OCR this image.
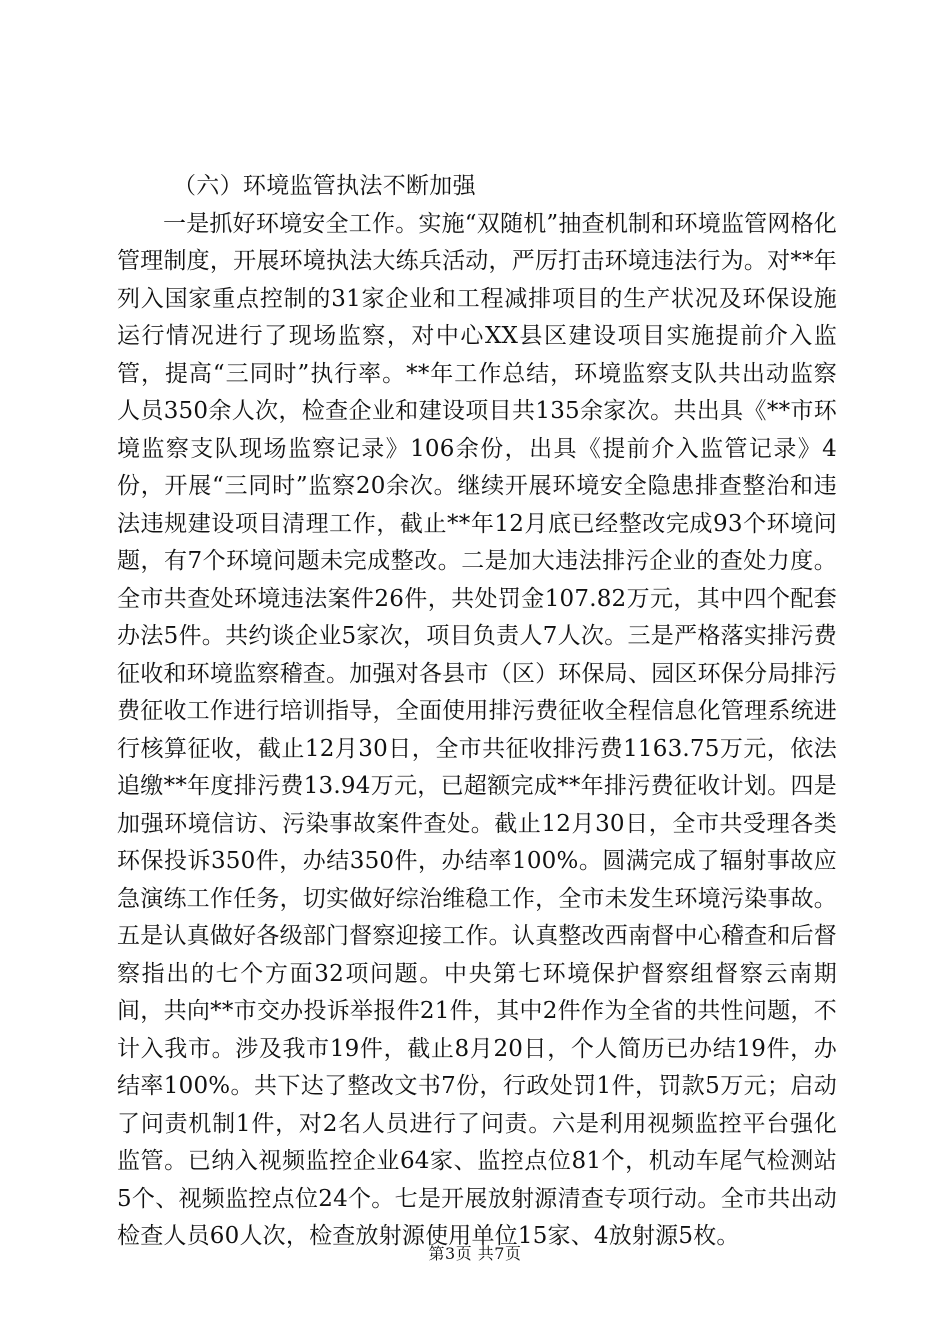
（六）环境监管执法不断加强

一是抓好环境安全工作。实施“双随机”抽查机制和环境监管网格化管理制度，开展环境执法大练兵活动，严厉打击环境违法行为。对**年列入国家重点控制的31家企业和工程减排项目的生产状况及环保设施运行情况进行了现场监察，对中心XX县区建设项目实施提前介入监管，提高“三同时”执行率。**年工作总结，环境监察支队共出动监察人员350余人次，检查企业和建设项目共135余家次。共出具《**市环境监察支队现场监察记录》106余份，出具《提前介入监管记录》4份，开展“三同时”监察20余次。继续开展环境安全隐患排查整治和违法违规建设项目清理工作，截止**年12月底已经整改完成93个环境问题，有7个环境问题未完成整改。二是加大违法排污企业的查处力度。全市共查处环境违法案件26件，共处罚金107.82万元，其中四个配套办法5件。共约谈企业5家次，项目负责人7人次。三是严格落实排污费征收和环境监察稽查。加强对各县市（区）环保局、园区环保分局排污费征收工作进行培训指导，全面使用排污费征收全程信息化管理系统进行核算征收，截止12月30日，全市共征收排污费1163.75万元，依法追缴**年度排污费13.94万元，已超额完成**年排污费征收计划。四是加强环境信访、污染事故案件查处。截止12月30日，全市共受理各类环保投诉350件，办结350件，办结率100%。圆满完成了辐射事故应急演练工作任务，切实做好综治维稳工作，全市未发生环境污染事故。五是认真做好各级部门督察迎接工作。认真整改西南督中心稽查和后督察指出的七个方面32项问题。中央第七环境保护督察组督察云南期间，共向**市交办投诉举报件21件，其中2件作为全省的共性问题，不计入我市。涉及我市19件，截止8月20日，个人简历已办结19件，办结率100%。共下达了整改文书7份，行政处罚1件，罚款5万元；启动了问责机制1件，对2名人员进行了问责。六是利用视频监控平台强化监管。已纳入视频监控企业64家、监控点位81个，机动车尾气检测站5个、视频监控点位24个。七是开展放射源清查专项行动。全市共出动检查人员60人次，检查放射源使用单位15家、4放射源5枚。

第3页 共7页
